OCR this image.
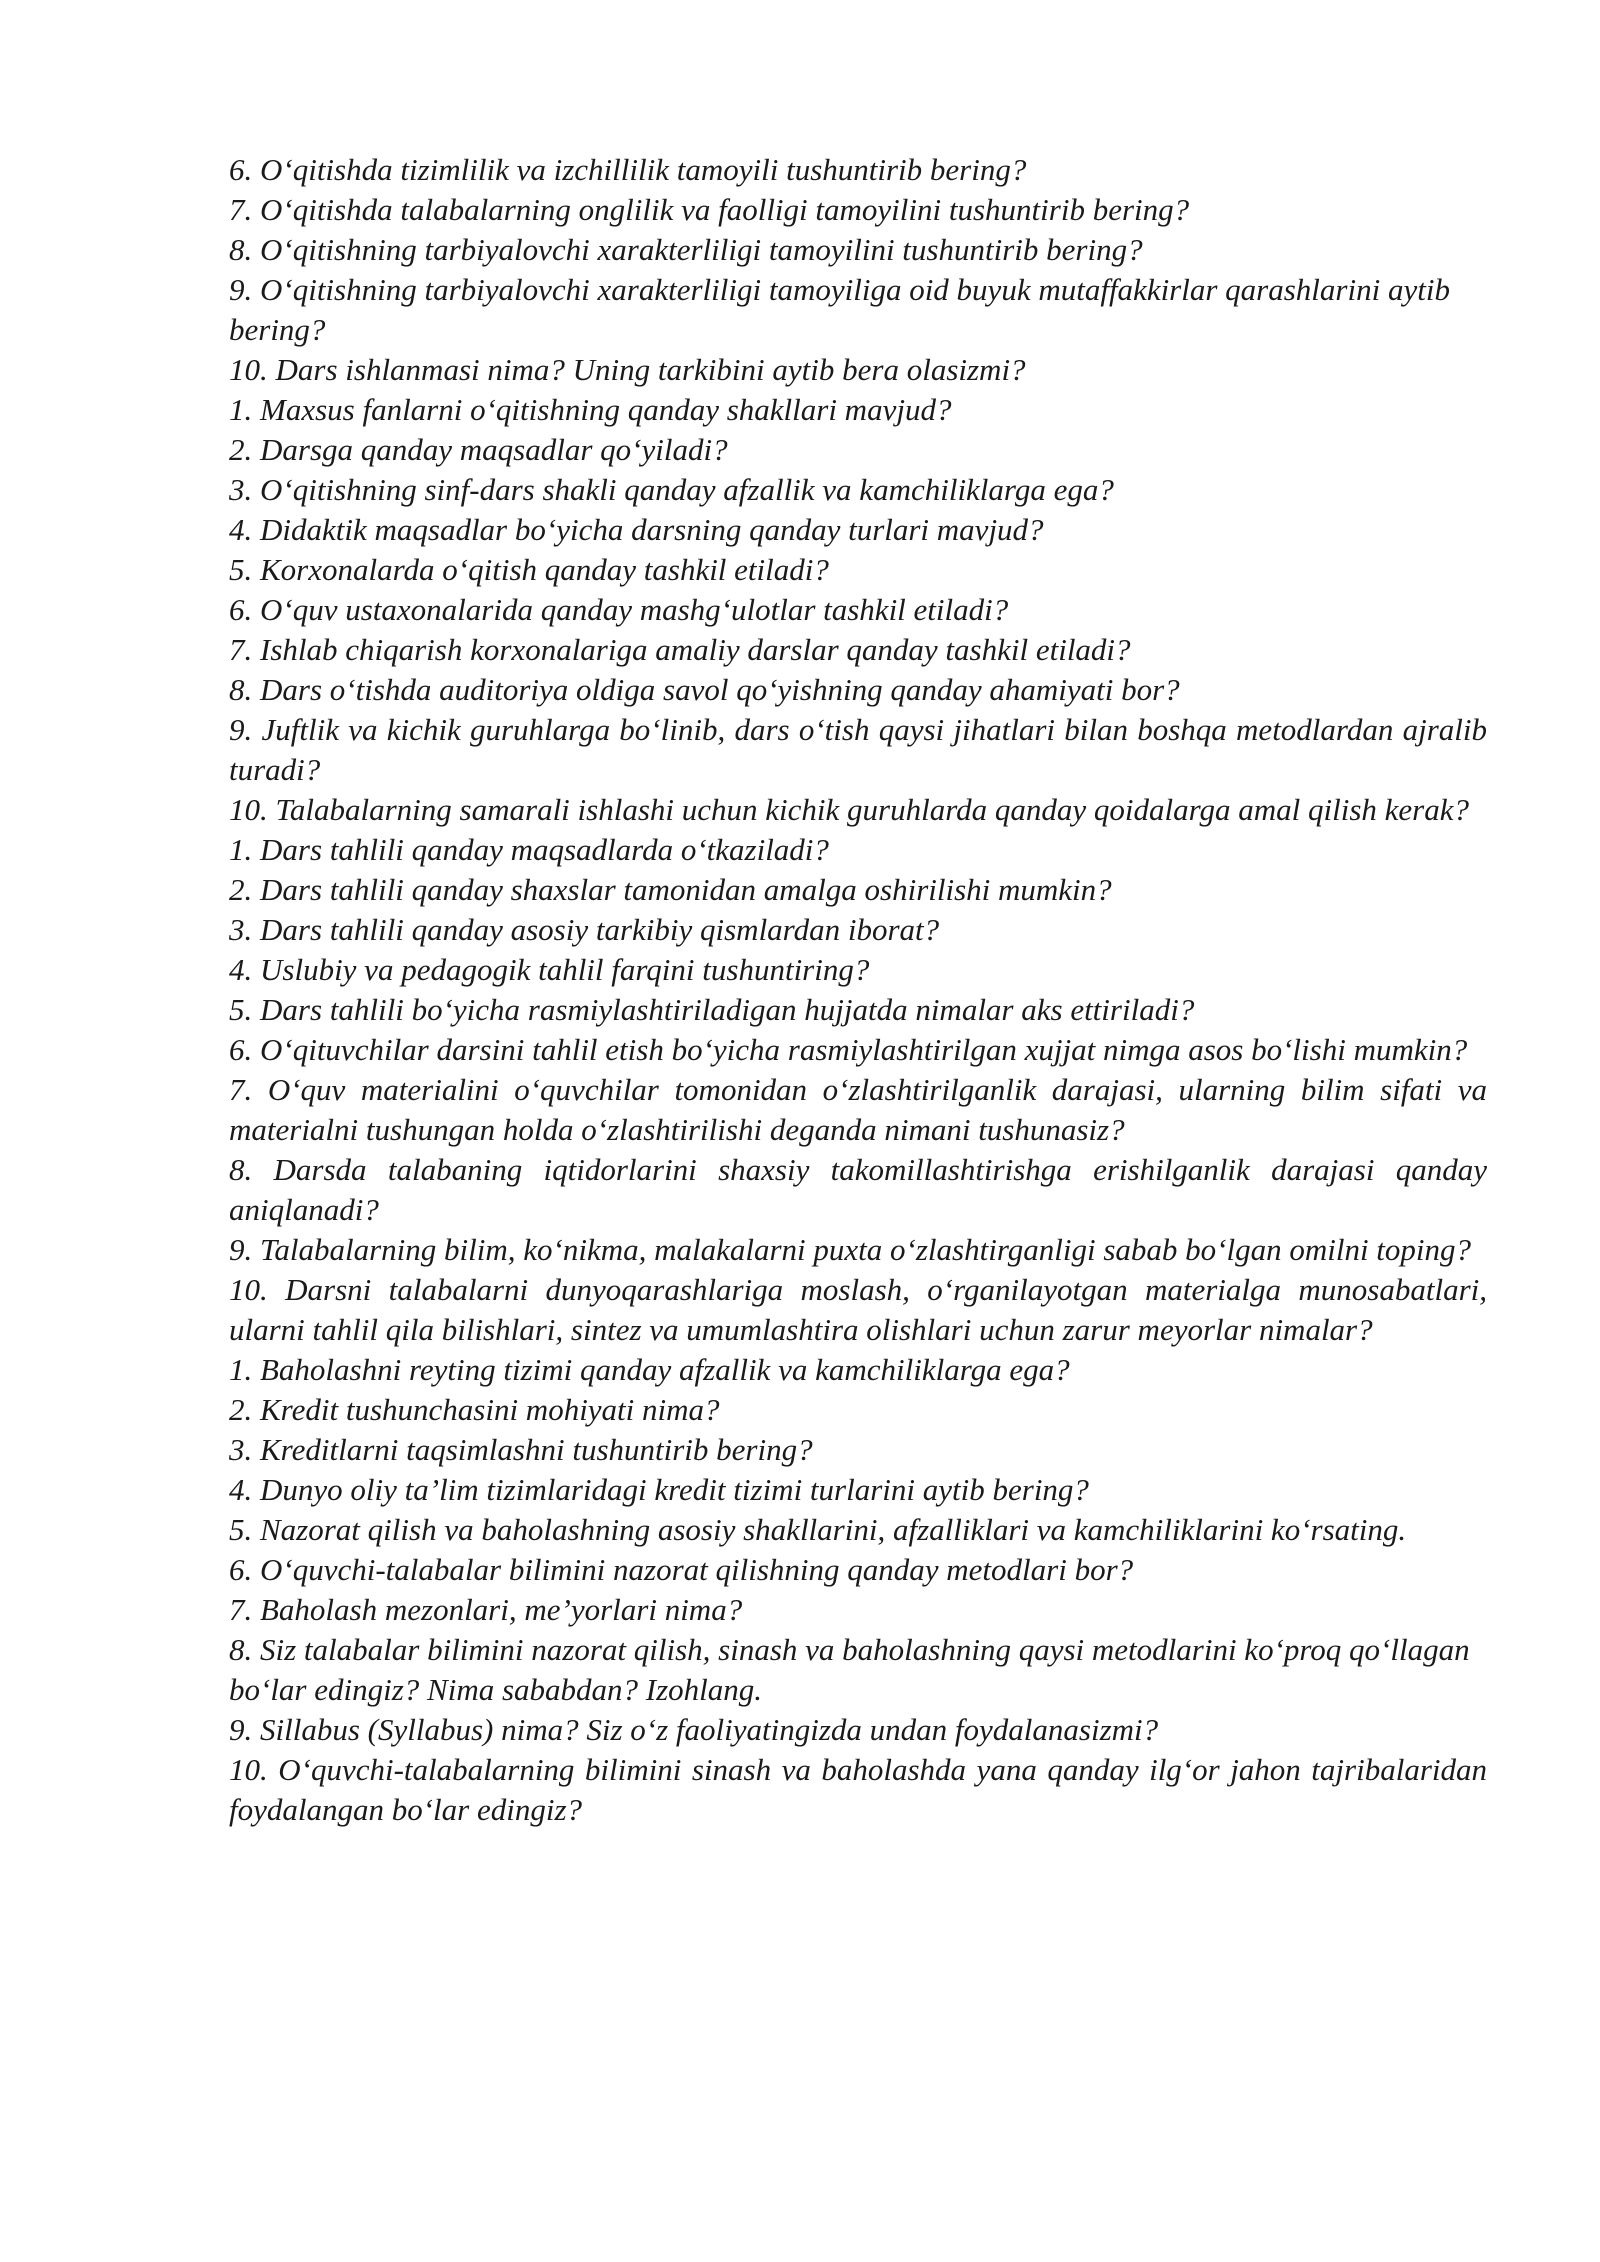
6. O‘qitishda tizimlilik va izchillilik tamoyili tushuntirib bering?

7. O‘qitishda talabalarning onglilik va faolligi tamoyilini tushuntirib bering?

8. O‘qitishning tarbiyalovchi xarakterliligi tamoyilini tushuntirib bering?

9. O‘qitishning tarbiyalovchi xarakterliligi tamoyiliga oid buyuk mutaffakkirlar qarashlarini aytib bering?

10. Dars ishlanmasi nima? Uning tarkibini aytib bera olasizmi?

1. Maxsus fanlarni o‘qitishning qanday shakllari mavjud?

2. Darsga qanday maqsadlar qo‘yiladi?

3. O‘qitishning sinf-dars shakli qanday afzallik va kamchiliklarga ega?

4. Didaktik maqsadlar bo‘yicha darsning qanday turlari mavjud?

5. Korxonalarda o‘qitish qanday tashkil etiladi?

6. O‘quv ustaxonalarida qanday mashg‘ulotlar tashkil etiladi?

7. Ishlab chiqarish korxonalariga amaliy darslar qanday tashkil etiladi?

8. Dars o‘tishda auditoriya oldiga savol qo‘yishning qanday ahamiyati bor?

9. Juftlik va kichik guruhlarga bo‘linib, dars o‘tish qaysi jihatlari bilan boshqa metodlardan ajralib turadi?

10. Talabalarning samarali ishlashi uchun kichik guruhlarda qanday qoidalarga amal qilish kerak?

1. Dars tahlili qanday maqsadlarda o‘tkaziladi?

2. Dars tahlili qanday shaxslar tamonidan amalga oshirilishi mumkin?

3. Dars tahlili qanday asosiy tarkibiy qismlardan iborat?

4. Uslubiy va pedagogik tahlil farqini tushuntiring?

5. Dars tahlili bo‘yicha rasmiylashtiriladigan hujjatda nimalar aks ettiriladi?

6. O‘qituvchilar darsini tahlil etish bo‘yicha rasmiylashtirilgan xujjat nimga asos bo‘lishi mumkin?

7. O‘quv materialini o‘quvchilar tomonidan o‘zlashtirilganlik darajasi, ularning bilim sifati va materialni tushungan holda o‘zlashtirilishi deganda nimani tushunasiz?

8. Darsda talabaning iqtidorlarini shaxsiy takomillashtirishga erishilganlik darajasi qanday aniqlanadi?

9. Talabalarning bilim, ko‘nikma, malakalarni puxta o‘zlashtirganligi sabab bo‘lgan omilni toping?

10. Darsni talabalarni dunyoqarashlariga moslash, o‘rganilayotgan materialga munosabatlari, ularni tahlil qila bilishlari, sintez va umumlashtira olishlari uchun zarur meyorlar nimalar?

1. Baholashni reyting tizimi qanday afzallik va kamchiliklarga ega?

2. Kredit tushunchasini mohiyati nima?

3. Kreditlarni taqsimlashni tushuntirib bering?

4. Dunyo oliy ta’lim tizimlaridagi kredit tizimi turlarini aytib bering?

5. Nazorat qilish va baholashning asosiy shakllarini, afzalliklari va kamchiliklarini ko‘rsating.

6. O‘quvchi-talabalar bilimini nazorat qilishning qanday metodlari bor?

7. Baholash mezonlari, me’yorlari nima?

8. Siz talabalar bilimini nazorat qilish, sinash va baholashning qaysi metodlarini ko‘proq qo‘llagan bo‘lar edingiz? Nima sababdan? Izohlang.

9. Sillabus (Syllabus) nima? Siz o‘z faoliyatingizda undan foydalanasizmi?

10. O‘quvchi-talabalarning bilimini sinash va baholashda yana qanday ilg‘or jahon tajribalaridan foydalangan bo‘lar edingiz?
